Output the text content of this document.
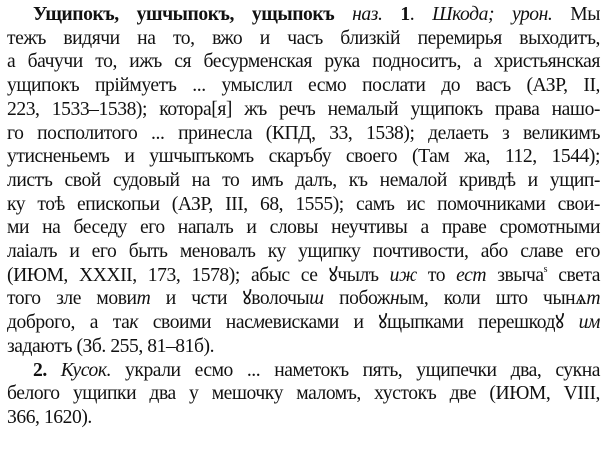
Ущипокъ, ушчыпокъ, ущыпокъ наз. 1. Шкода; урон. Мы
тежъ видячи на то, вжо и часъ близкій перемирья выходитъ,
а бачучи то, ижъ ся бесурменская рука подноситъ, а христьянская
ущипокъ прiймуетъ ... умыслил есмо послати до васъ (АЗР, II,
223, 1533–1538); котора[я] жъ речъ немалый ущипокъ права нашо-
го посполитого ... принесла (КПД, 33, 1538); делаеть з великимъ
утисненьемъ и ушчыпъкомъ скаръбу своего (Там жа, 112, 1544);
листъ свой судовый на то имъ далъ, къ немалой кривдѣ и ущип-
ку тоѣ епископьи (АЗР, III, 68, 1555); самъ ис помочниками свои-
ми на беседу его напалъ и словы неучтивы а праве сромотными
лаіалъ и его быть меновалъ ку ущипку почтивости, або славе его
(ИЮМ, XXXII, 173, 1578); абыс се ꙋчылъ иж то ест звыча$^s$ света
того зле мовит и чсти ꙋволочыш побожным, коли што чынѧт
доброго, а так своими насмевисками и ꙋщыпками перешкодꙋ им
задаютъ (Зб. 255, 81–81б).
2. Кусок. украли есмо ... наметокъ пять, ущипечки два, сукна
белого ущипки два у мешочку маломъ, хустокъ две (ИЮМ, VIII,
366, 1620).
